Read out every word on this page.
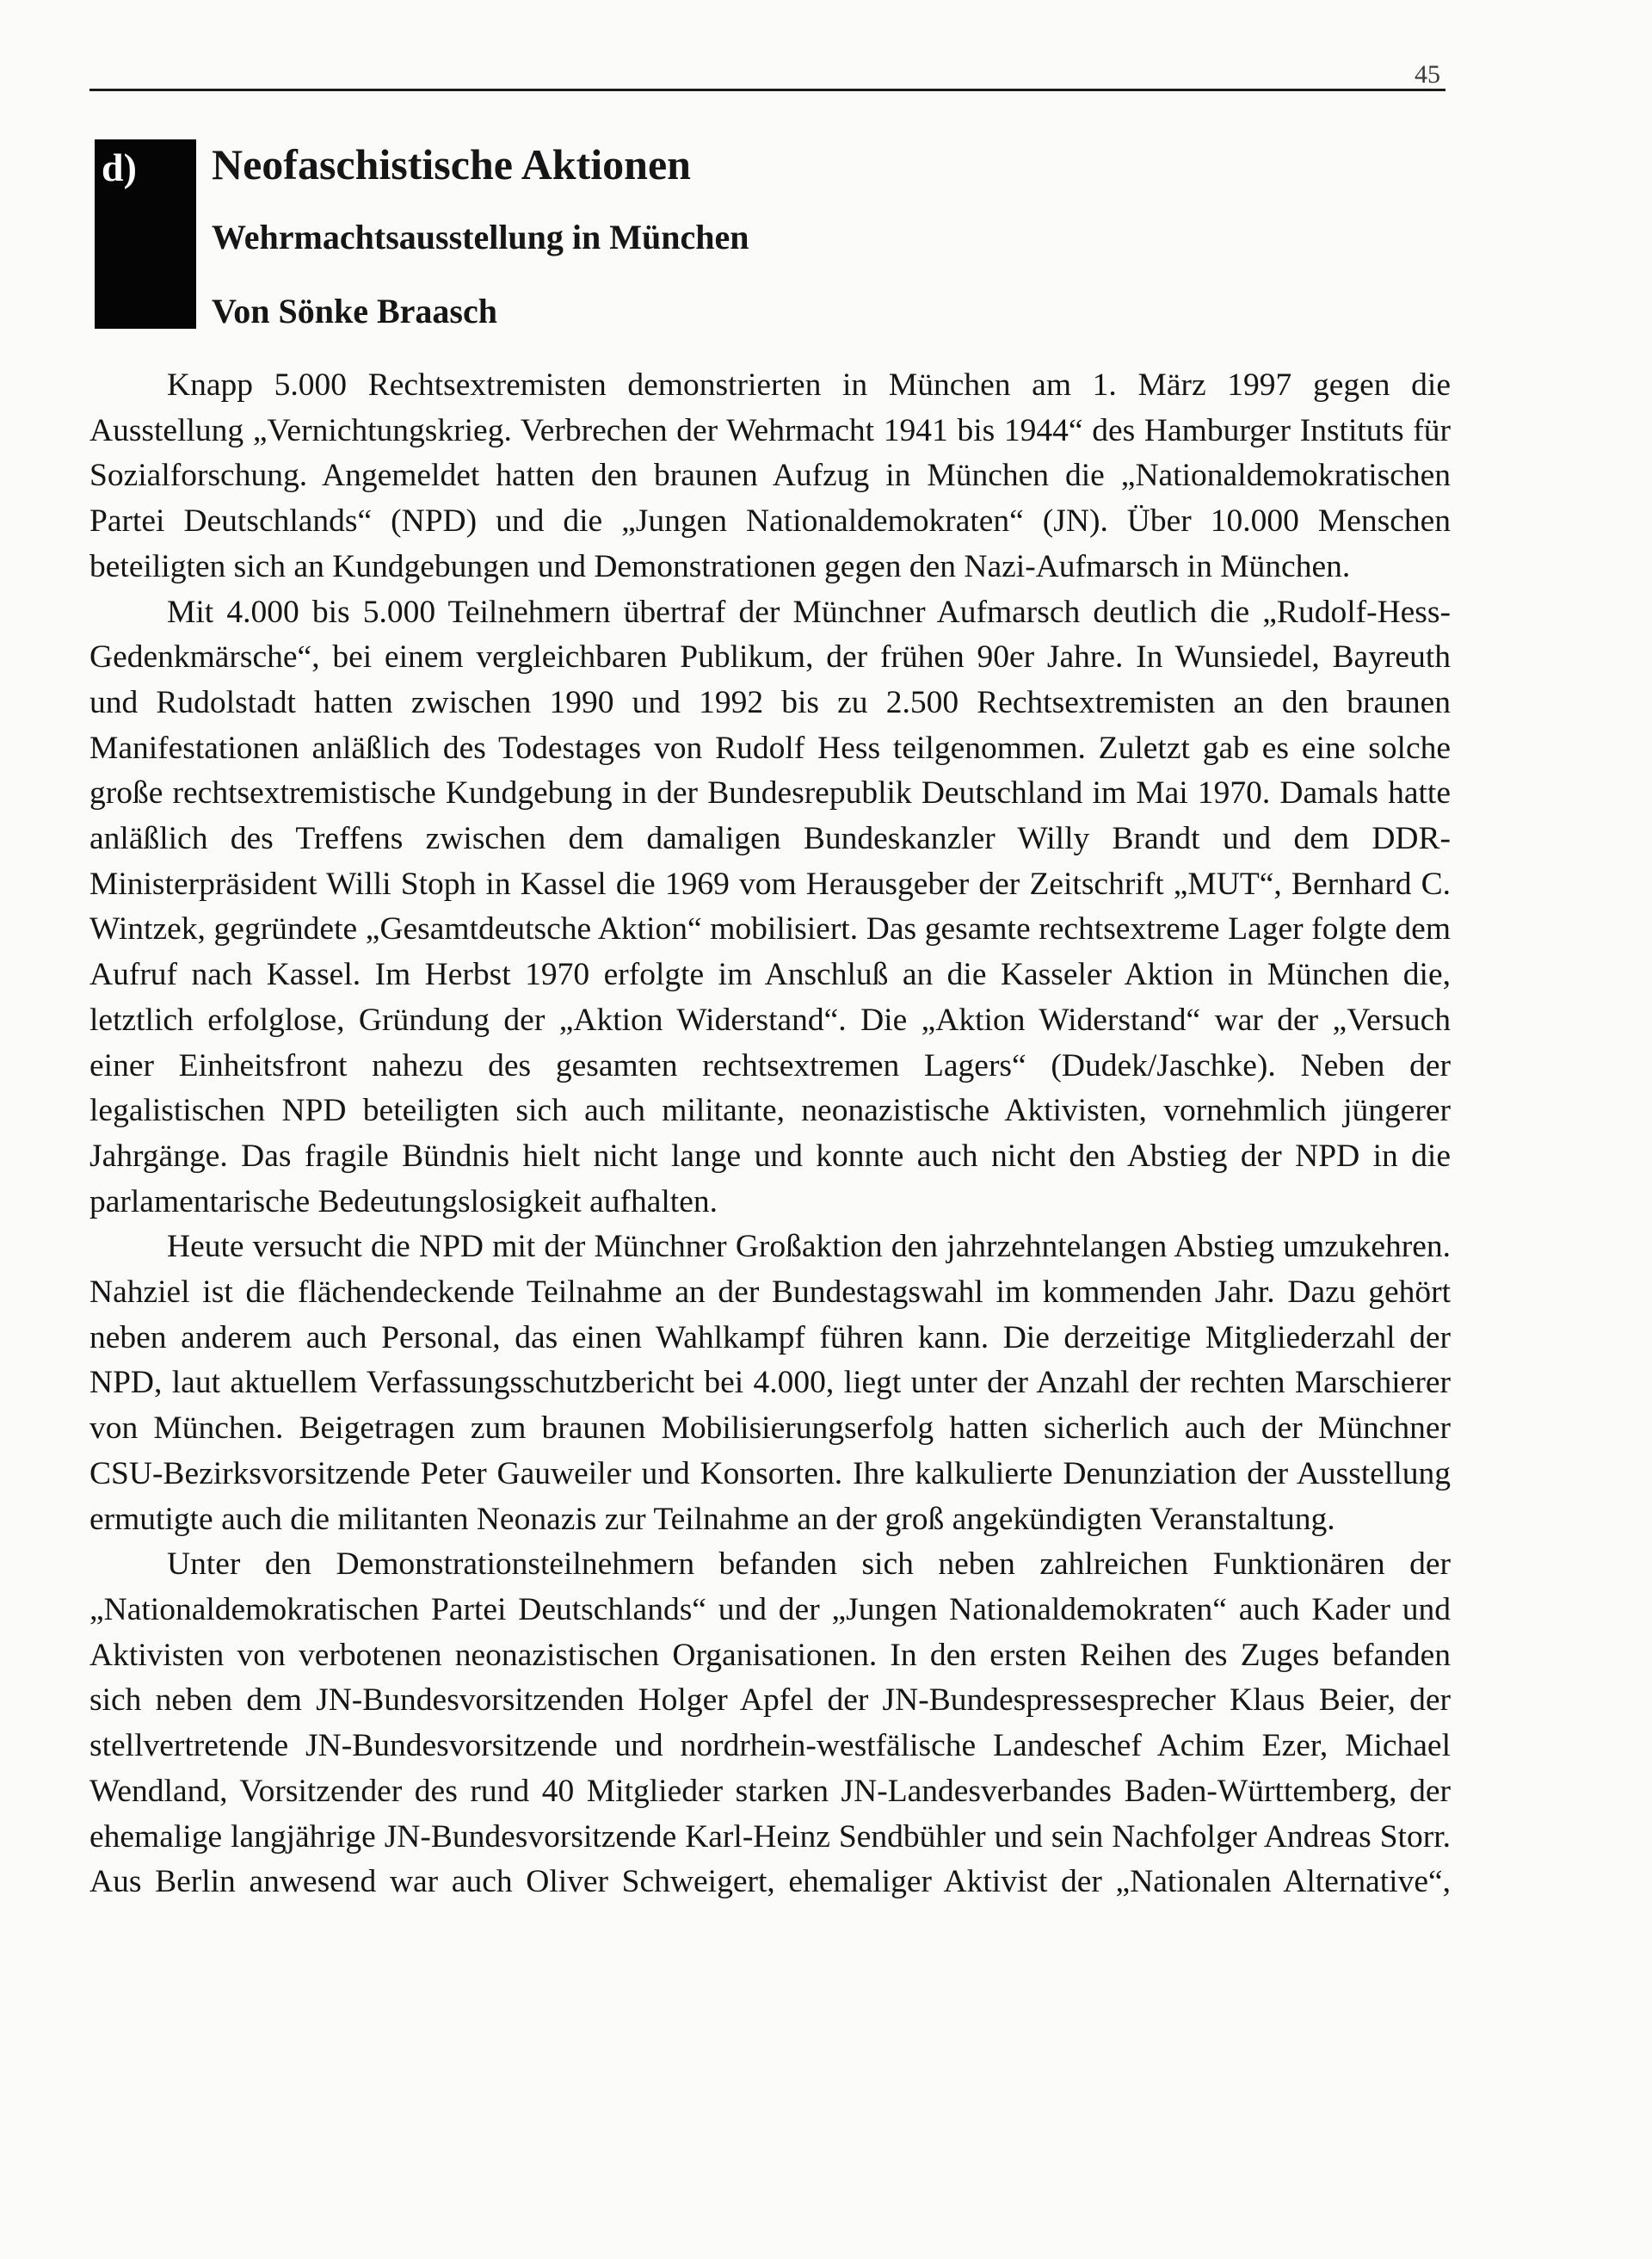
45
d) Neofaschistische Aktionen
Wehrmachtsausstellung in München
Von Sönke Braasch

Knapp 5.000 Rechtsextremisten demonstrierten in München am 1. März 1997 gegen die Ausstellung „Vernichtungskrieg. Verbrechen der Wehrmacht 1941 bis 1944“ des Hamburger Instituts für Sozialforschung. Angemeldet hatten den braunen Aufzug in München die „Nationaldemokratischen Partei Deutschlands“ (NPD) und die „Jungen Nationaldemokraten“ (JN). Über 10.000 Menschen beteiligten sich an Kundgebungen und Demonstrationen gegen den Nazi-Aufmarsch in München.

Mit 4.000 bis 5.000 Teilnehmern übertraf der Münchner Aufmarsch deutlich die „Rudolf-Hess-Gedenkmärsche“, bei einem vergleichbaren Publikum, der frühen 90er Jahre. In Wunsiedel, Bayreuth und Rudolstadt hatten zwischen 1990 und 1992 bis zu 2.500 Rechtsextremisten an den braunen Manifestationen anläßlich des Todestages von Rudolf Hess teilgenommen. Zuletzt gab es eine solche große rechtsextremistische Kundgebung in der Bundesrepublik Deutschland im Mai 1970. Damals hatte anläßlich des Treffens zwischen dem damaligen Bundeskanzler Willy Brandt und dem DDR-Ministerpräsident Willi Stoph in Kassel die 1969 vom Herausgeber der Zeitschrift „MUT“, Bernhard C. Wintzek, gegründete „Gesamtdeutsche Aktion“ mobilisiert. Das gesamte rechtsextreme Lager folgte dem Aufruf nach Kassel. Im Herbst 1970 erfolgte im Anschluß an die Kasseler Aktion in München die, letztlich erfolglose, Gründung der „Aktion Widerstand“. Die „Aktion Widerstand“ war der „Versuch einer Einheitsfront nahezu des gesamten rechtsextremen Lagers“ (Dudek/Jaschke). Neben der legalistischen NPD beteiligten sich auch militante, neonazistische Aktivisten, vornehmlich jüngerer Jahrgänge. Das fragile Bündnis hielt nicht lange und konnte auch nicht den Abstieg der NPD in die parlamentarische Bedeutungslosigkeit aufhalten.

Heute versucht die NPD mit der Münchner Großaktion den jahrzehntelangen Abstieg umzukehren. Nahziel ist die flächendeckende Teilnahme an der Bundestagswahl im kommenden Jahr. Dazu gehört neben anderem auch Personal, das einen Wahlkampf führen kann. Die derzeitige Mitgliederzahl der NPD, laut aktuellem Verfassungsschutzbericht bei 4.000, liegt unter der Anzahl der rechten Marschierer von München. Beigetragen zum braunen Mobilisierungserfolg hatten sicherlich auch der Münchner CSU-Bezirksvorsitzende Peter Gauweiler und Konsorten. Ihre kalkulierte Denunziation der Ausstellung ermutigte auch die militanten Neonazis zur Teilnahme an der groß angekündigten Veranstaltung.

Unter den Demonstrationsteilnehmern befanden sich neben zahlreichen Funktionären der „Nationaldemokratischen Partei Deutschlands“ und der „Jungen Nationaldemokraten“ auch Kader und Aktivisten von verbotenen neonazistischen Organisationen. In den ersten Reihen des Zuges befanden sich neben dem JN-Bundesvorsitzenden Holger Apfel der JN-Bundespressesprecher Klaus Beier, der stellvertretende JN-Bundesvorsitzende und nordrhein-westfälische Landeschef Achim Ezer, Michael Wendland, Vorsitzender des rund 40 Mitglieder starken JN-Landesverbandes Baden-Württemberg, der ehemalige langjährige JN-Bundesvorsitzende Karl-Heinz Sendbühler und sein Nachfolger Andreas Storr. Aus Berlin anwesend war auch Oliver Schweigert, ehemaliger Aktivist der „Nationalen Alternative“,
